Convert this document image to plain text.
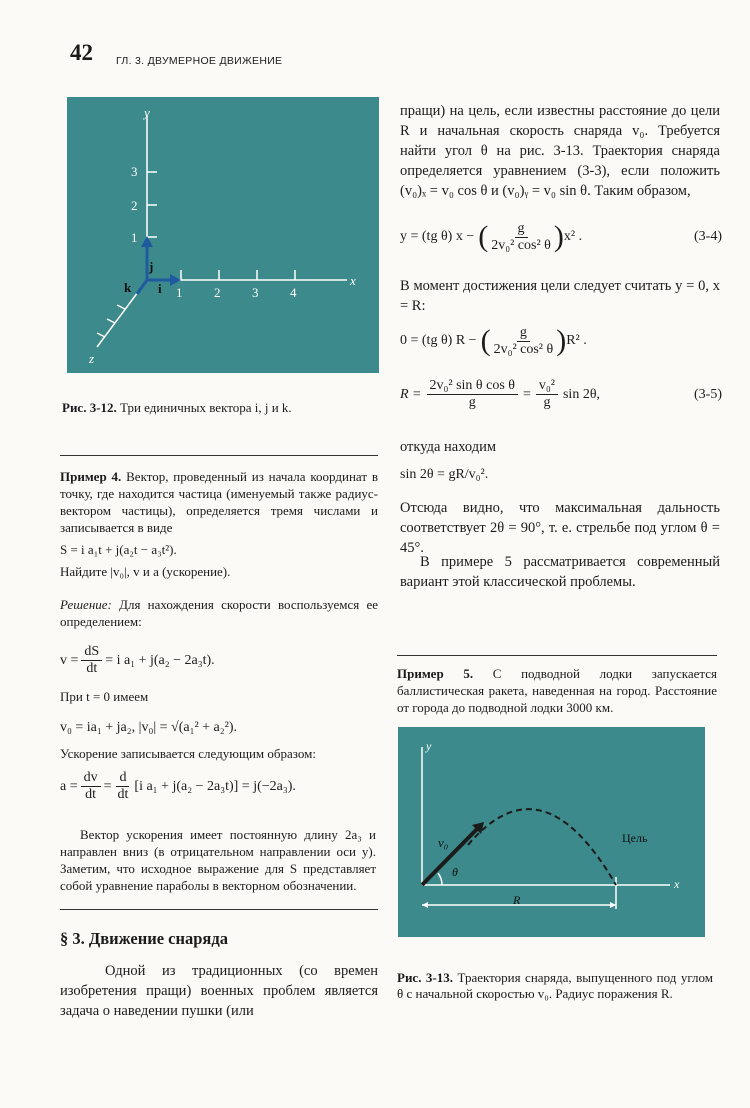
42 ГЛ. 3. ДВУМЕРНОЕ ДВИЖЕНИЕ
y
1
2
3
1 2 3 4
x
z
j
i
k
Рис. 3-12. Три единичных вектора i, j и k.
Пример 4. Вектор, проведенный из начала координат в точку, где находится частица (именуемый также радиус-вектором частицы), определяется тремя числами и записывается в виде
S = i a₁t + j(a₂t − a₃t²).
Найдите |v₀|, v и a (ускорение).
Решение: Для нахождения скорости воспользуемся ее определением:
$v = \frac{dS}{dt} = i$ a₁ + j(a₂ − 2a₃t).
При t = 0 имеем
v₀ = ia₁ + ja₂, |v₀| = √(a₁² + a₂²).
Ускорение записывается следующим образом:
$a = \frac{dv}{dt} = \frac{d}{dt} [i$ a₁ + j(a₂ − 2a₃t)] = j(−2a₃).
Вектор ускорения имеет постоянную длину 2a₃ и направлен вниз (в отрицательном направлении оси y). Заметим, что исходное выражение для S представляет собой уравнение параболы в векторном обозначении.
§ 3. Движение снаряда
Одной из традиционных (со времен изобретения пращи) военных проблем является задача о наведении пушки (или
пращи) на цель, если известны расстояние до цели R и начальная скорость снаряда v₀. Требуется найти угол θ на рис. 3-13. Траектория снаряда определяется уравнением (3-3), если положить (v₀)ₓ = v₀ cos θ и (v₀)ᵧ = v₀ sin θ. Таким образом,
y = (tg θ) x − ( $\frac{g}{\text{2v₀² cos² θ}}$ ) x² .	(3-4)
В момент достижения цели следует считать y = 0, x = R:
0 = (tg θ) R − ( $\frac{g}{\text{2v₀² cos² θ}}$ ) R² .
$R = \frac{\text{2v₀² sin θ cos θ}}{g} = \frac{\text{v₀²}}{g}$ sin 2θ,	(3-5)
откуда находим
sin 2θ = gR/v₀².
Отсюда видно, что максимальная дальность соответствует 2θ = 90°, т. е. стрельбе под углом θ = 45°.
В примере 5 рассматривается современный вариант этой классической проблемы.
Пример 5. С подводной лодки запускается баллистическая ракета, наведенная на город. Расстояние от города до подводной лодки 3000 км.
y
x
v₀
θ
Цель
R
Рис. 3-13. Траектория снаряда, выпущенного под углом θ с начальной скоростью v₀. Радиус поражения R.
